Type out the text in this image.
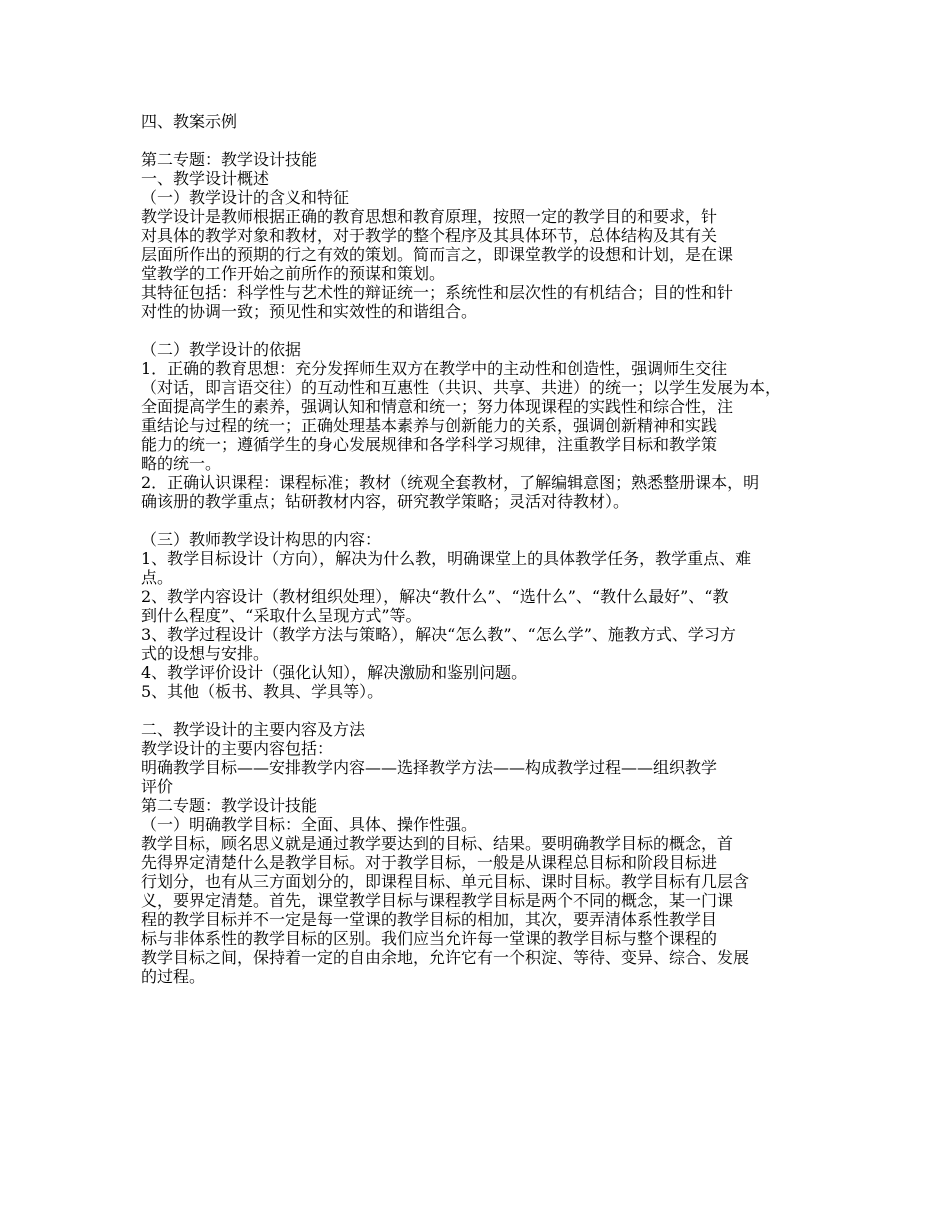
四、教案示例
第二专题：教学设计技能
一、教学设计概述
（一）教学设计的含义和特征
教学设计是教师根据正确的教育思想和教育原理，按照一定的教学目的和要求，针
对具体的教学对象和教材，对于教学的整个程序及其具体环节，总体结构及其有关
层面所作出的预期的行之有效的策划。简而言之，即课堂教学的设想和计划，是在课
堂教学的工作开始之前所作的预谋和策划。
其特征包括：科学性与艺术性的辩证统一；系统性和层次性的有机结合；目的性和针
对性的协调一致；预见性和实效性的和谐组合。
（二）教学设计的依据
1．正确的教育思想：充分发挥师生双方在教学中的主动性和创造性，强调师生交往
（对话，即言语交往）的互动性和互惠性（共识、共享、共进）的统一；以学生发展为本，
全面提高学生的素养，强调认知和情意和统一；努力体现课程的实践性和综合性，注
重结论与过程的统一；正确处理基本素养与创新能力的关系，强调创新精神和实践
能力的统一；遵循学生的身心发展规律和各学科学习规律，注重教学目标和教学策
略的统一。
2．正确认识课程：课程标准；教材（统观全套教材，了解编辑意图；熟悉整册课本，明
确该册的教学重点；钻研教材内容，研究教学策略；灵活对待教材）。
（三）教师教学设计构思的内容：
1、教学目标设计（方向），解决为什么教，明确课堂上的具体教学任务，教学重点、难
点。
2、教学内容设计（教材组织处理），解决“教什么”、“选什么”、“教什么最好”、“教
到什么程度”、“采取什么呈现方式”等。
3、教学过程设计（教学方法与策略），解决“怎么教”、“怎么学”、施教方式、学习方
式的设想与安排。
4、教学评价设计（强化认知），解决激励和鉴别问题。
5、其他（板书、教具、学具等）。
二、教学设计的主要内容及方法
教学设计的主要内容包括：
明确教学目标——安排教学内容——选择教学方法——构成教学过程——组织教学
评价
第二专题：教学设计技能
（一）明确教学目标：全面、具体、操作性强。
教学目标，顾名思义就是通过教学要达到的目标、结果。要明确教学目标的概念，首
先得界定清楚什么是教学目标。对于教学目标，一般是从课程总目标和阶段目标进
行划分，也有从三方面划分的，即课程目标、单元目标、课时目标。教学目标有几层含
义，要界定清楚。首先，课堂教学目标与课程教学目标是两个不同的概念，某一门课
程的教学目标并不一定是每一堂课的教学目标的相加，其次，要弄清体系性教学目
标与非体系性的教学目标的区别。我们应当允许每一堂课的教学目标与整个课程的
教学目标之间，保持着一定的自由余地，允许它有一个积淀、等待、变异、综合、发展
的过程。
